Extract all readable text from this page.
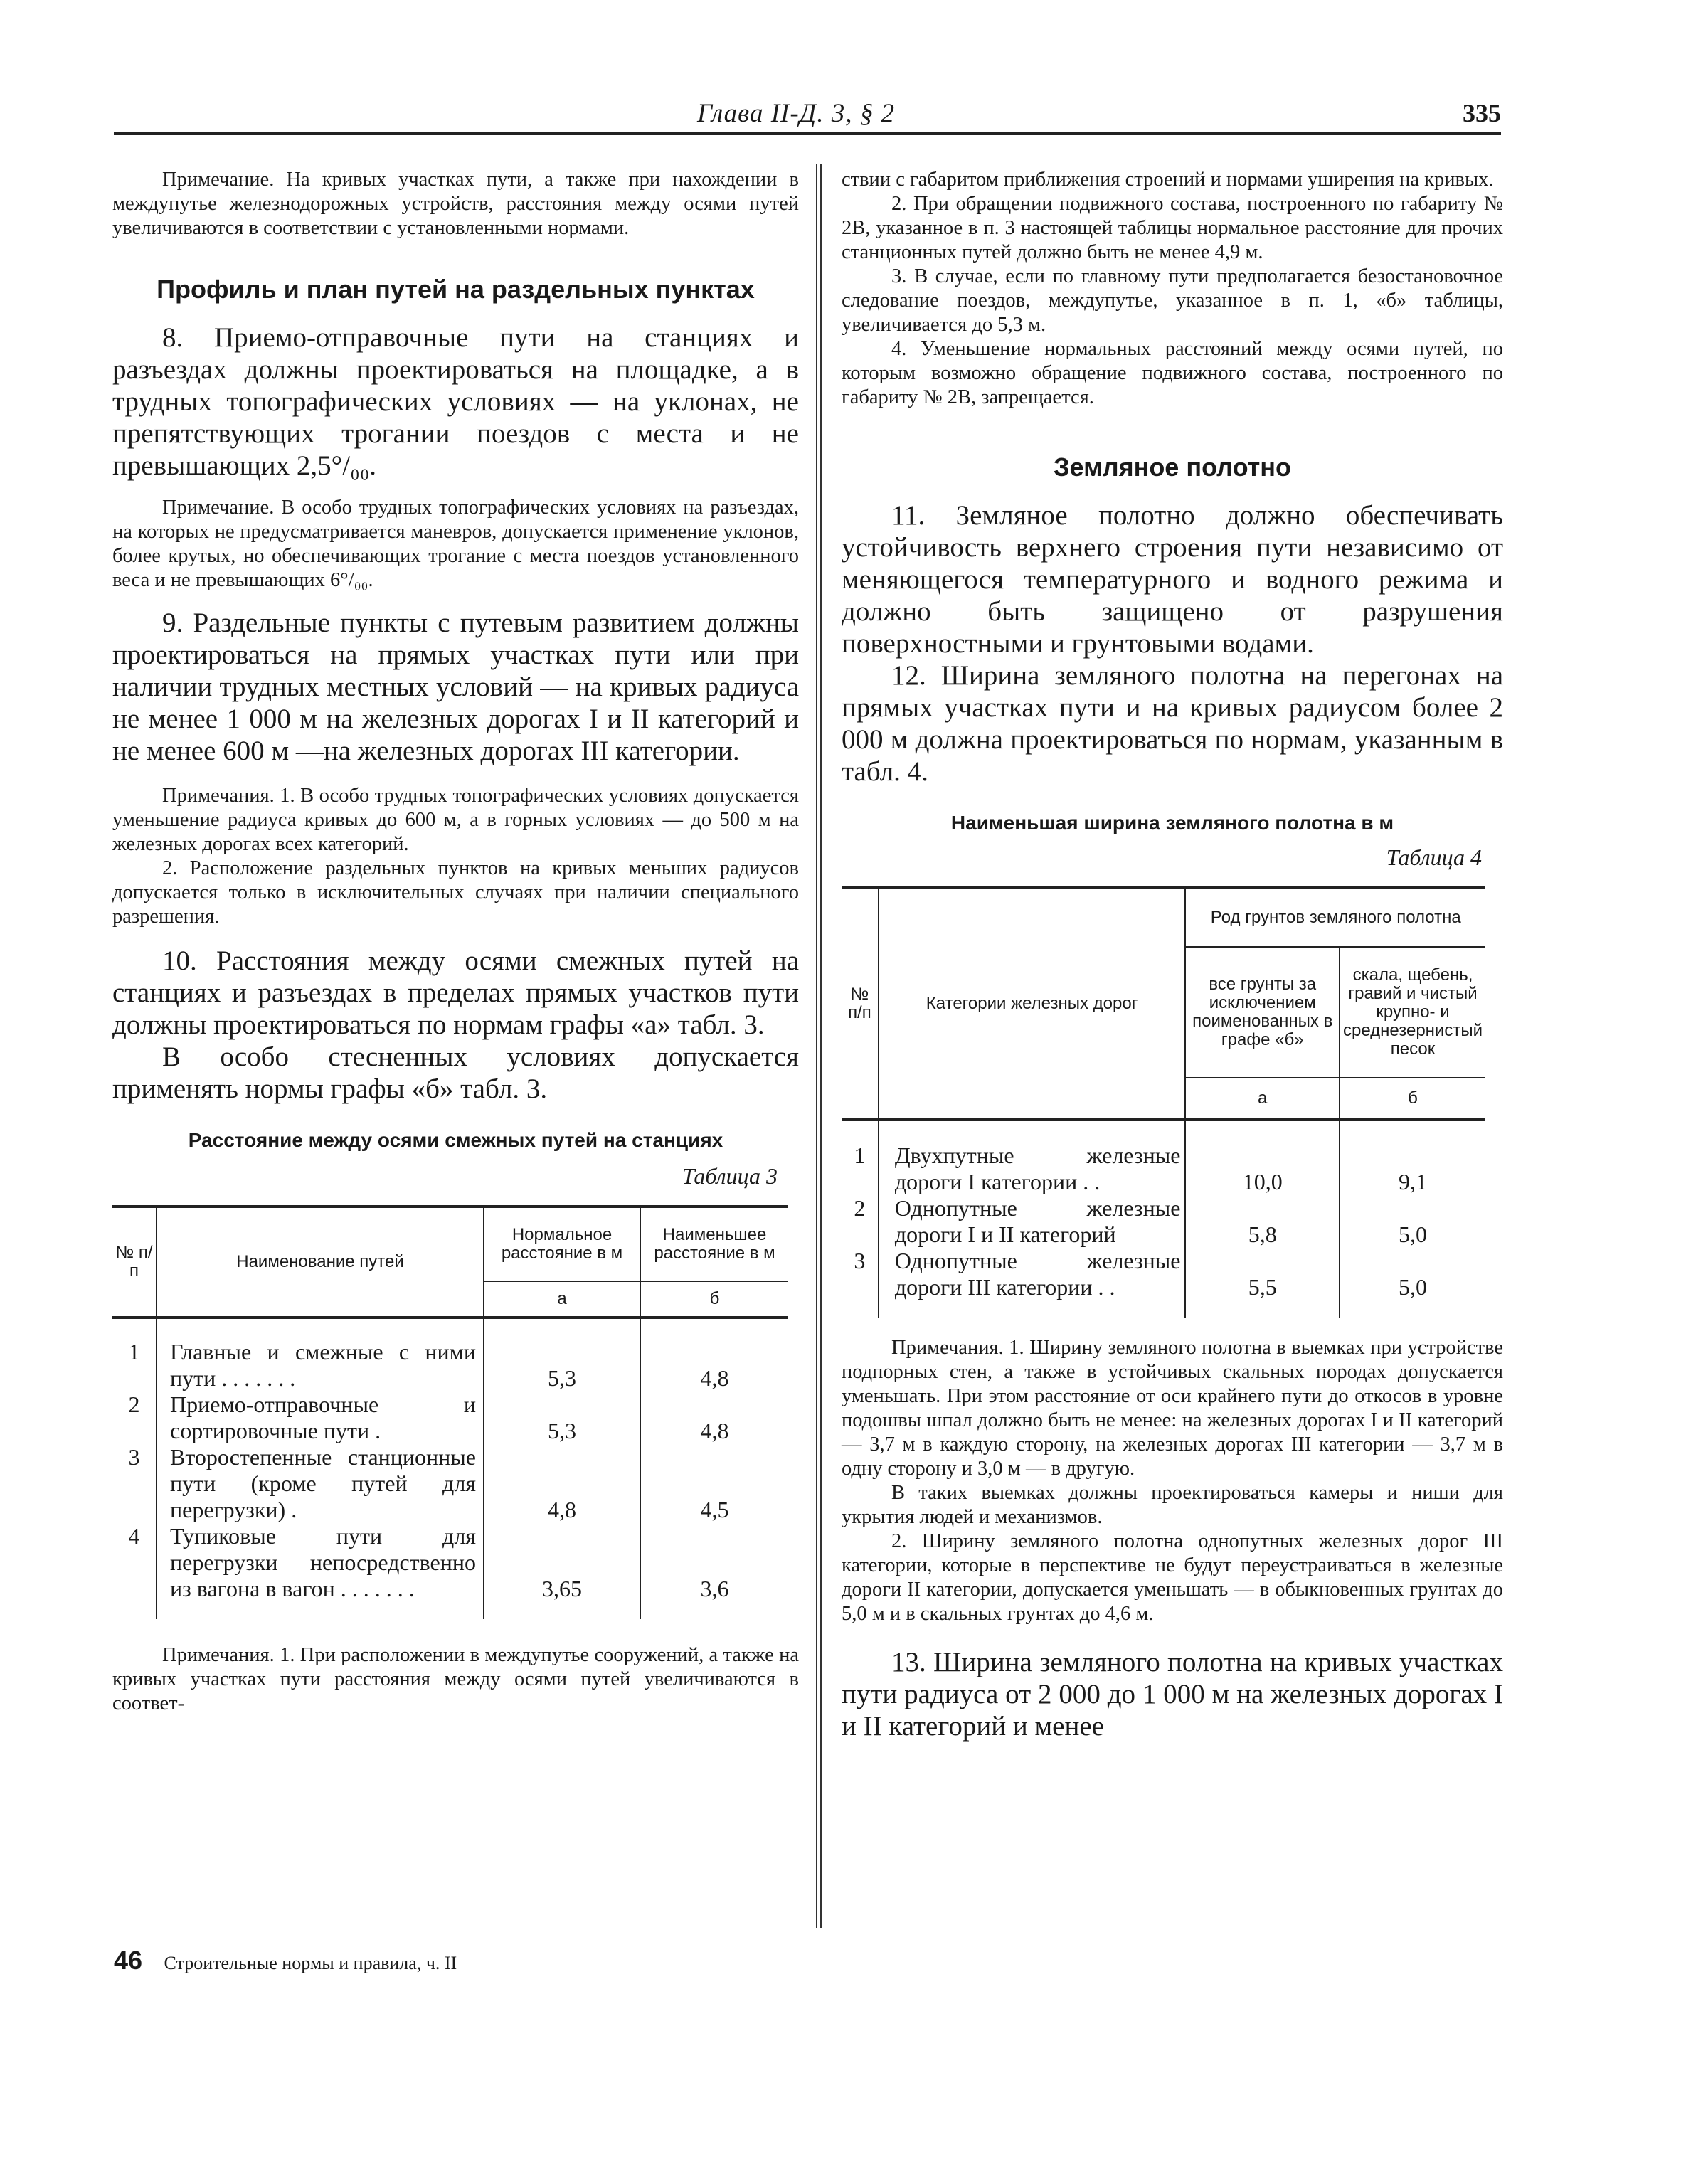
Глава II-Д. 3, § 2	335

Примечание. На кривых участках пути, а также при нахождении в междупутье железнодорожных устройств, расстояния между осями путей увеличиваются в соответствии с установленными нормами.

Профиль и план путей на раздельных пунктах

8. Приемо-отправочные пути на станциях и разъездах должны проектироваться на площадке, а в трудных топографических условиях — на уклонах, не препятствующих трогании поездов с места и не превышающих 2,5°/₀₀.

Примечание. В особо трудных топографических условиях на разъездах, на которых не предусматривается маневров, допускается применение уклонов, более крутых, но обеспечивающих трогание с места поездов установленного веса и не превышающих 6°/₀₀.

9. Раздельные пункты с путевым развитием должны проектироваться на прямых участках пути или при наличии трудных местных условий — на кривых радиуса не менее 1 000 м на железных дорогах I и II категорий и не менее 600 м —на железных дорогах III категории.

Примечания. 1. В особо трудных топографических условиях допускается уменьшение радиуса кривых до 600 м, а в горных условиях — до 500 м на железных дорогах всех категорий.

2. Расположение раздельных пунктов на кривых меньших радиусов допускается только в исключительных случаях при наличии специального разрешения.

10. Расстояния между осями смежных путей на станциях и разъездах в пределах прямых участков пути должны проектироваться по нормам графы «а» табл. 3.

В особо стесненных условиях допускается применять нормы графы «б» табл. 3.

Расстояние между осями смежных путей на станциях

Таблица 3

№ п/п	Наименование путей	Нормальное расстояние в м	Наименьшее расстояние в м
		а	б

1	Главные и смежные с ними пути . . . . . . .	5,3	4,8
2	Приемо-отправочные и сортировочные пути .	5,3	4,8
3	Второстепенные станционные пути (кроме путей для перегрузки) .	4,8	4,5
4	Тупиковые пути для перегрузки непосредственно из вагона в вагон . . . . . . .	3,65	3,6

Примечания. 1. При расположении в междупутье сооружений, а также на кривых участках пути расстояния между осями путей увеличиваются в соответ-

ствии с габаритом приближения строений и нормами уширения на кривых.

2. При обращении подвижного состава, построенного по габариту № 2В, указанное в п. 3 настоящей таблицы нормальное расстояние для прочих станционных путей должно быть не менее 4,9 м.

3. В случае, если по главному пути предполагается безостановочное следование поездов, междупутье, указанное в п. 1, «б» таблицы, увеличивается до 5,3 м.

4. Уменьшение нормальных расстояний между осями путей, по которым возможно обращение подвижного состава, построенного по габариту № 2В, запрещается.

Земляное полотно

11. Земляное полотно должно обеспечивать устойчивость верхнего строения пути независимо от меняющегося температурного и водного режима и должно быть защищено от разрушения поверхностными и грунтовыми водами.

12. Ширина земляного полотна на перегонах на прямых участках пути и на кривых радиусом более 2 000 м должна проектироваться по нормам, указанным в табл. 4.

Наименьшая ширина земляного полотна в м

Таблица 4

№ п/п	Категории железных дорог	Род грунтов земляного полотна	
		все грунты за исключением поименованных в графе «б»	скала, щебень, гравий и чистый крупно- и среднезернистый песок
		а	б

1	Двухпутные железные дороги I категории . .	10,0	9,1
2	Однопутные железные дороги I и II категорий	5,8	5,0
3	Однопутные железные дороги III категории . .	5,5	5,0

Примечания. 1. Ширину земляного полотна в выемках при устройстве подпорных стен, а также в устойчивых скальных породах допускается уменьшать. При этом расстояние от оси крайнего пути до откосов в уровне подошвы шпал должно быть не менее: на железных дорогах I и II категорий — 3,7 м в каждую сторону, на железных дорогах III категории — 3,7 м в одну сторону и 3,0 м — в другую.

В таких выемках должны проектироваться камеры и ниши для укрытия людей и механизмов.

2. Ширину земляного полотна однопутных железных дорог III категории, которые в перспективе не будут переустраиваться в железные дороги II категории, допускается уменьшать — в обыкновенных грунтах до 5,0 м и в скальных грунтах до 4,6 м.

13. Ширина земляного полотна на кривых участках пути радиуса от 2 000 до 1 000 м на железных дорогах I и II категорий и менее

46 Строительные нормы и правила, ч. II
